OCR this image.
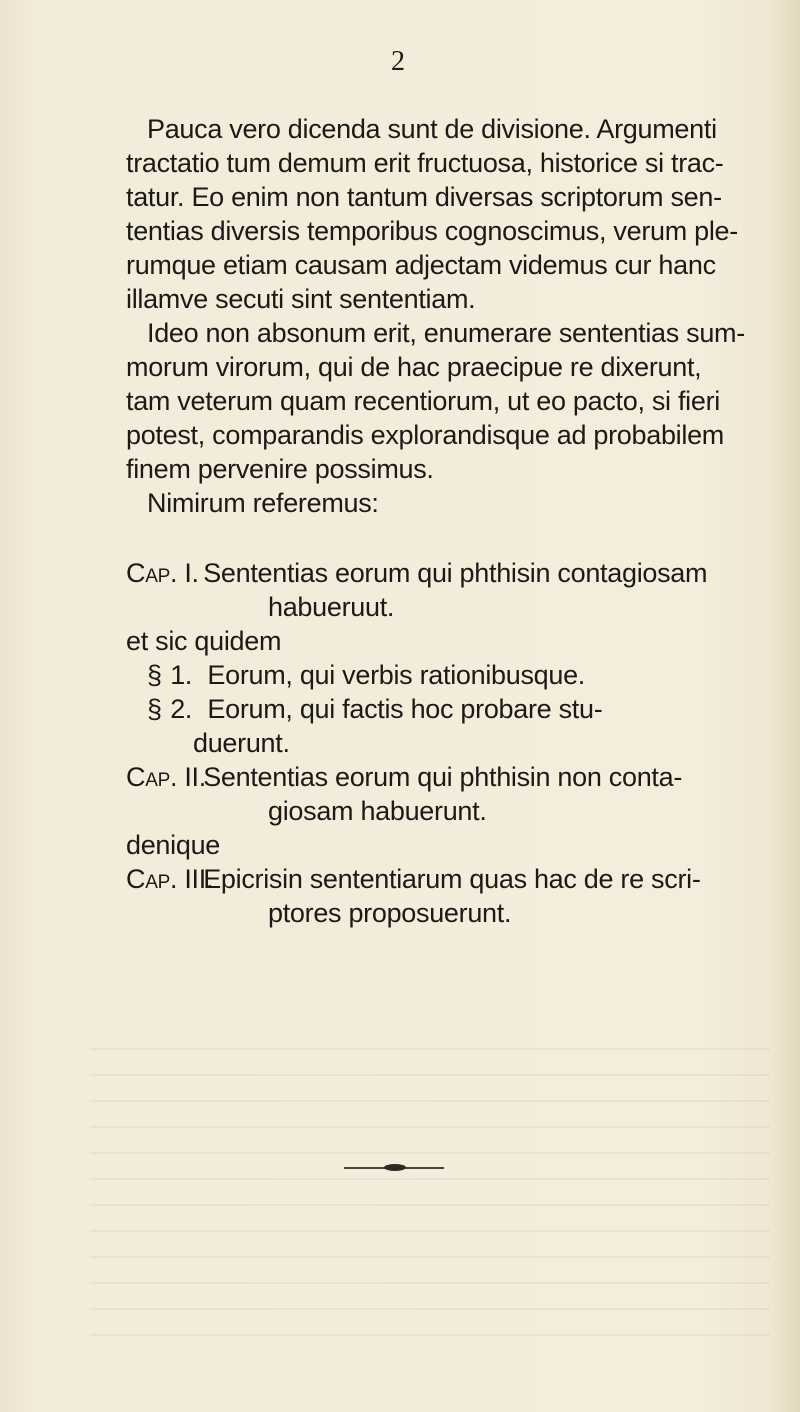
2
Pauca vero dicenda sunt de divisione. Argumenti
tractatio tum demum erit fructuosa, historice si trac-
tatur. Eo enim non tantum diversas scriptorum sen-
tentias diversis temporibus cognoscimus, verum ple-
rumque etiam causam adjectam videmus cur hanc
illamve secuti sint sententiam.
Ideo non absonum erit, enumerare sententias sum-
morum virorum, qui de hac praecipue re dixerunt,
tam veterum quam recentiorum, ut eo pacto, si fieri
potest, comparandis explorandisque ad probabilem
finem pervenire possimus.
Nimirum referemus:
Cap. I. Sententias eorum qui phthisin contagiosam
habueruut.
et sic quidem
§ 1. Eorum, qui verbis rationibusque.
§ 2. Eorum, qui factis hoc probare stu-
duerunt.
Cap. II. Sententias eorum qui phthisin non conta-
giosam habuerunt.
denique
Cap. III. Epicrisin sententiarum quas hac de re scri-
ptores proposuerunt.
